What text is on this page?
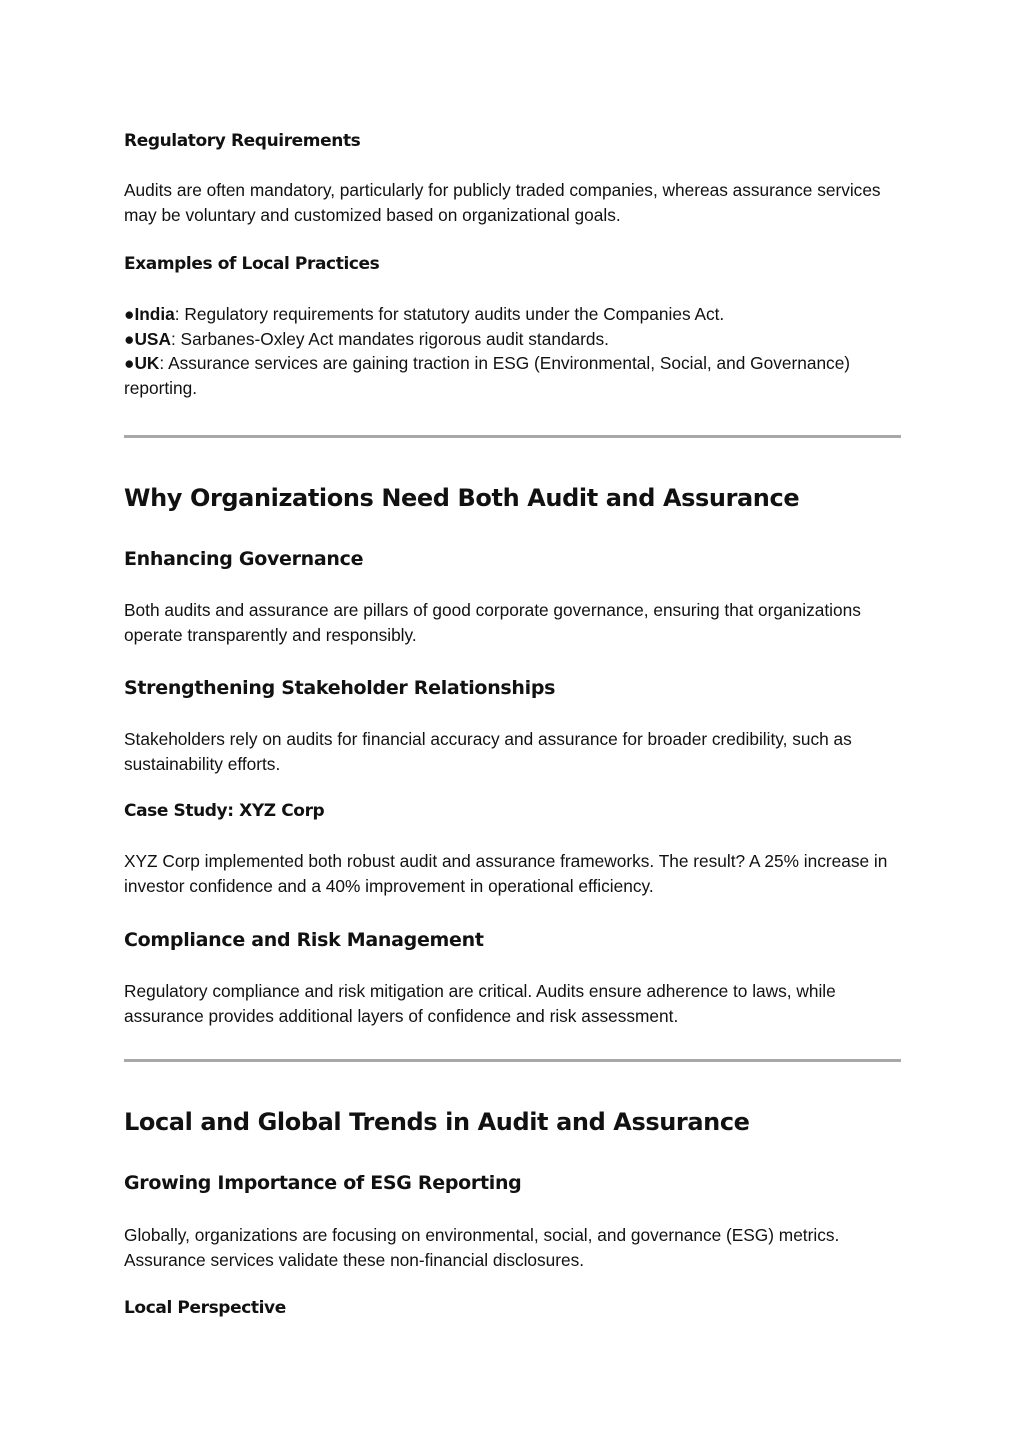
Regulatory Requirements

Audits are often mandatory, particularly for publicly traded companies, whereas assurance services may be voluntary and customized based on organizational goals.

Examples of Local Practices
●India: Regulatory requirements for statutory audits under the Companies Act.
●USA: Sarbanes-Oxley Act mandates rigorous audit standards.
●UK: Assurance services are gaining traction in ESG (Environmental, Social, and Governance) reporting.
Why Organizations Need Both Audit and Assurance
Enhancing Governance

Both audits and assurance are pillars of good corporate governance, ensuring that organizations operate transparently and responsibly.

Strengthening Stakeholder Relationships

Stakeholders rely on audits for financial accuracy and assurance for broader credibility, such as sustainability efforts.

Case Study: XYZ Corp

XYZ Corp implemented both robust audit and assurance frameworks. The result? A 25% increase in investor confidence and a 40% improvement in operational efficiency.

Compliance and Risk Management

Regulatory compliance and risk mitigation are critical. Audits ensure adherence to laws, while assurance provides additional layers of confidence and risk assessment.

Local and Global Trends in Audit and Assurance
Growing Importance of ESG Reporting

Globally, organizations are focusing on environmental, social, and governance (ESG) metrics. Assurance services validate these non-financial disclosures.

Local Perspective
